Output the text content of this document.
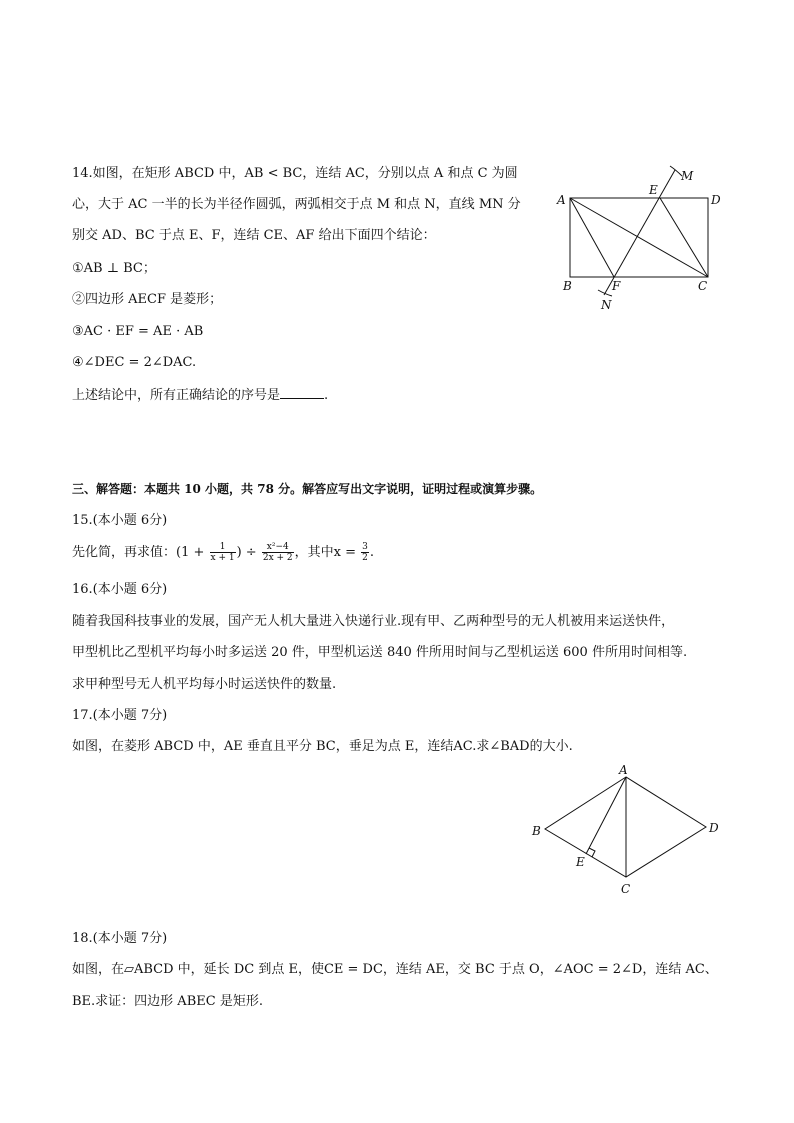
14.如图，在矩形 ABCD 中，AB < BC，连结 AC，分别以点 A 和点 C 为圆
心，大于 AC 一半的长为半径作圆弧，两弧相交于点 M 和点 N，直线 MN 分
别交 AD、BC 于点 E、F，连结 CE、AF 给出下面四个结论：
①AB ⊥ BC；
②四边形 AECF 是菱形；
③AC · EF = AE · AB
④∠DEC = 2∠DAC.
上述结论中，所有正确结论的序号是	.
A	D
B	C
E
F
M
N
三、解答题：本题共 10 小题，共 78 分。解答应写出文字说明，证明过程或演算步骤。
15.(本小题 6分)
先化简，再求值：($1 + \frac{1}{x + 1}$ ) ÷ $\frac{\text{x²−4}}{2x + 2}$ ，其中$x = \frac{3}{2}$ .
16.(本小题 6分)
随着我国科技事业的发展，国产无人机大量进入快递行业.现有甲、乙两种型号的无人机被用来运送快件，
甲型机比乙型机平均每小时多运送 20 件，甲型机运送 840 件所用时间与乙型机运送 600 件所用时间相等.
求甲种型号无人机平均每小时运送快件的数量.
17.(本小题 7分)
如图，在菱形 ABCD 中，AE 垂直且平分 BC，垂足为点 E，连结AC.求∠BAD的大小.
A
B
C
D
E
18.(本小题 7分)
如图，在▱ABCD 中，延长 DC 到点 E，使CE = DC，连结 AE，交 BC 于点 O，∠AOC = 2∠D，连结 AC、
BE.求证：四边形 ABEC 是矩形.
